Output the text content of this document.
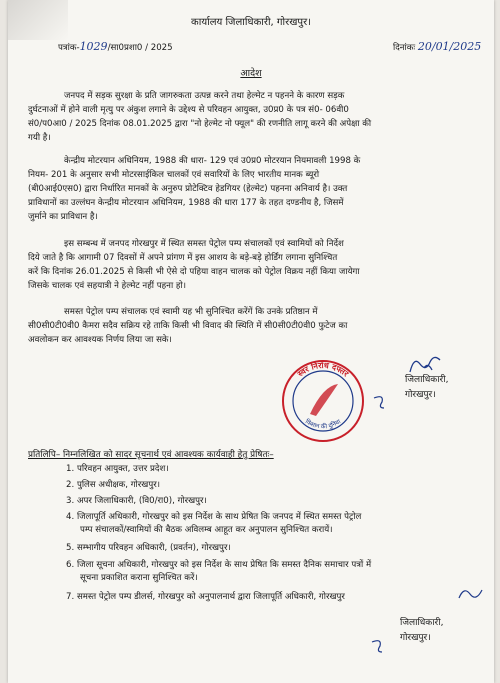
कार्यालय जिलाधिकारी, गोरखपुर।
पत्रांक-1029/सा0प्रशा0 / 2025	दिनांकः 20/01/2025
आदेश
जनपद में सड़क सुरक्षा के प्रति जागरुकता उत्पन्न करने तथा हेल्मेट न पहनने के कारण सड़क
दुर्घटनाओं में होने वाली मृत्यु पर अंकुश लगाने के उद्देश्य से परिवहन आयुक्त, उ0प्र0 के पत्र सं0- 06वी0
सं0/प0आ0 / 2025 दिनांक 08.01.2025 द्वारा "नो हेल्मेट नो फ्यूल" की रणनीति लागू करने की अपेक्षा की
गयी है।
केन्द्रीय मोटरयान अधिनियम, 1988 की धारा- 129 एवं उ0प्र0 मोटरयान नियमावली 1998 के
नियम- 201 के अनुसार सभी मोटरसाईकिल चालकों एवं सवारियों के लिए भारतीय मानक ब्यूरो
(बी0आई0एस0) द्वारा निर्धारित मानकों के अनुरुप प्रोटेक्टिव हेडगियर (हेल्मेट) पहनना अनिवार्य है। उक्त
प्राविधानों का उल्लंघन केन्द्रीय मोटरयान अधिनियम, 1988 की धारा 177 के तहत दण्डनीय है, जिसमें
जुर्माने का प्राविधान है।
इस सम्बन्ध में जनपद गोरखपुर में स्थित समस्त पेट्रोल पम्प संचालकों एवं स्वामियों को निर्देश
दिये जाते है कि आगामी 07 दिवसों में अपने प्रांगण में इस आशय के बड़े-बड़े होर्डिंग लगाना सुनिश्चित
करें कि दिनांक 26.01.2025 से किसी भी ऐसे दो पहिया वाहन चालक को पेट्रोल विक्रय नहीं किया जायेगा
जिसके चालक एवं सहयात्री ने हेल्मेट नहीं पहना हो।
समस्त पेट्रोल पम्प संचालक एवं स्वामी यह भी सुनिश्चित करेंगें कि उनके प्रतिष्ठान में
सी0सी0टी0वी0 कैमरा सदैव सक्रिय रहे ताकि किसी भी विवाद की स्थिति में सी0सी0टी0वी0 फुटेज का
अवलोकन कर आवश्यक निर्णय लिया जा सके।
स्वर निरोध दफ्तर
किसान की दुनिया
जिलाधिकारी,
गोरखपुर।
प्रतिलिपि– निम्नलिखित को सादर सूचनार्थ एवं आवश्यक कार्यवाही हेतु प्रेषितः–
1. परिवहन आयुक्त, उत्तर प्रदेश।
2. पुलिस अधीक्षक, गोरखपुर।
3. अपर जिलाधिकारी, (वि0/रा0), गोरखपुर।
4. जिलापूर्ति अधिकारी, गोरखपुर को इस निर्देश के साथ प्रेषित कि जनपद में स्थित समस्त पेट्रोल
पम्प संचालकों/स्वामियों की बैठक अविलम्ब आहूत कर अनुपालन सुनिश्चित करायें।
5. सम्भागीय परिवहन अधिकारी, (प्रवर्तन), गोरखपुर।
6. जिला सूचना अधिकारी, गोरखपुर को इस निर्देश के साथ प्रेषित कि समस्त दैनिक समाचार पत्रों में
सूचना प्रकाशित कराना सुनिश्चित करें।
7. समस्त पेट्रोल पम्प डीलर्स, गोरखपुर को अनुपालनार्थ द्वारा जिलापूर्ति अधिकारी, गोरखपुर
जिलाधिकारी,
गोरखपुर।
